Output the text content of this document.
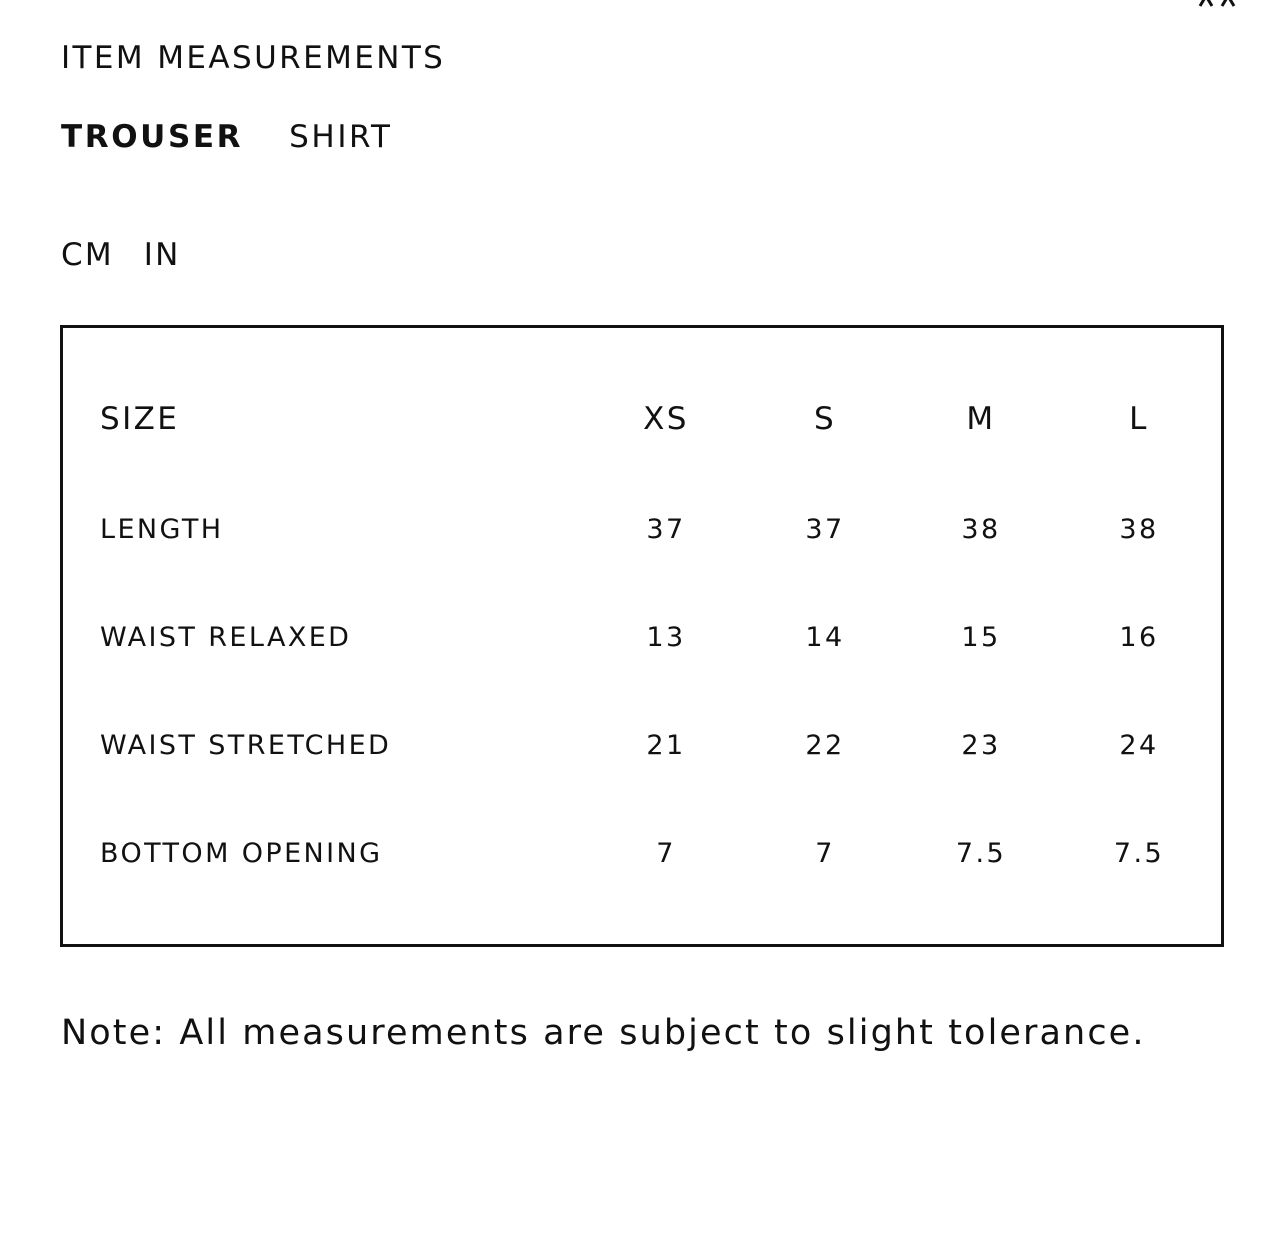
ITEM MEASUREMENTS
TROUSER SHIRT
CM IN
SIZE	XS	S	M	L
LENGTH	37	37	38	38
WAIST RELAXED	13	14	15	16
WAIST STRETCHED	21	22	23	24
BOTTOM OPENING	7	7	7.5	7.5
Note: All measurements are subject to slight tolerance.
